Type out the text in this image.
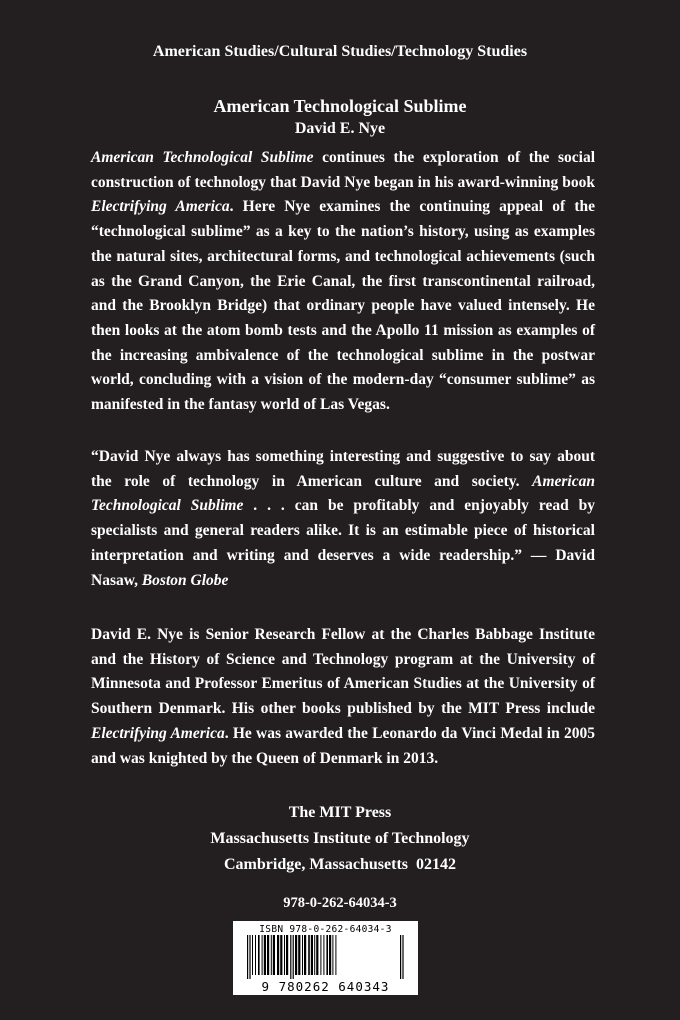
American Studies/Cultural Studies/Technology Studies
American Technological Sublime
David E. Nye

American Technological Sublime continues the exploration of the social construction of technology that David Nye began in his award-winning book Electrifying America. Here Nye examines the continuing appeal of the “technological sublime” as a key to the nation’s history, using as examples the natural sites, architectural forms, and technological achievements (such as the Grand Canyon, the Erie Canal, the first transcontinental railroad, and the Brooklyn Bridge) that ordinary people have valued intensely. He then looks at the atom bomb tests and the Apollo 11 mission as examples of the increasing ambivalence of the technological sublime in the postwar world, concluding with a vision of the modern-day “consumer sublime” as manifested in the fantasy world of Las Vegas.

“David Nye always has something interesting and suggestive to say about the role of technology in American culture and society. American Technological Sublime . . . can be profitably and enjoyably read by specialists and general readers alike. It is an estimable piece of historical interpretation and writing and deserves a wide readership.” — David Nasaw, Boston Globe

David E. Nye is Senior Research Fellow at the Charles Babbage Institute and the History of Science and Technology program at the University of Minnesota and Professor Emeritus of American Studies at the University of Southern Denmark. His other books published by the MIT Press include Electrifying America. He was awarded the Leonardo da Vinci Medal in 2005 and was knighted by the Queen of Denmark in 2013.

The MIT Press
Massachusetts Institute of Technology
Cambridge, Massachusetts  02142
978-0-262-64034-3
ISBN 978-0-262-64034-3
9 780262 640343
